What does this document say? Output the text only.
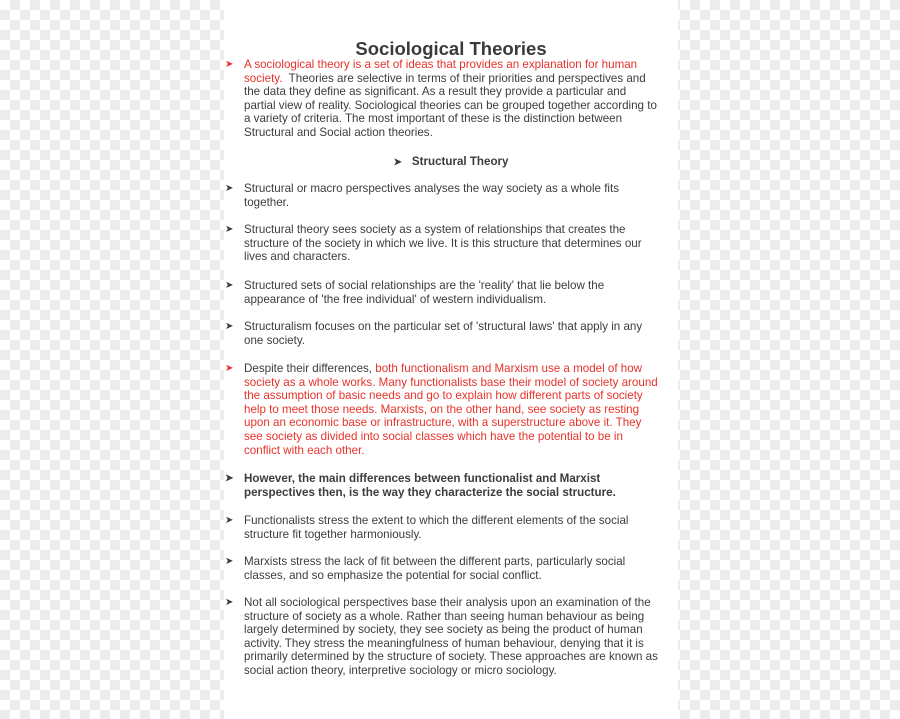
Sociological Theories
➤ A sociological theory is a set of ideas that provides an explanation for human
society.  Theories are selective in terms of their priorities and perspectives and
the data they define as significant. As a result they provide a particular and
partial view of reality. Sociological theories can be grouped together according to
a variety of criteria. The most important of these is the distinction between
Structural and Social action theories.
➤ Structural Theory
➤ Structural or macro perspectives analyses the way society as a whole fits
together.
➤ Structural theory sees society as a system of relationships that creates the
structure of the society in which we live. It is this structure that determines our
lives and characters.
➤ Structured sets of social relationships are the 'reality' that lie below the
appearance of 'the free individual' of western individualism.
➤ Structuralism focuses on the particular set of 'structural laws' that apply in any
one society.
➤ Despite their differences, both functionalism and Marxism use a model of how
society as a whole works. Many functionalists base their model of society around
the assumption of basic needs and go to explain how different parts of society
help to meet those needs. Marxists, on the other hand, see society as resting
upon an economic base or infrastructure, with a superstructure above it. They
see society as divided into social classes which have the potential to be in
conflict with each other.
➤ However, the main differences between functionalist and Marxist
perspectives then, is the way they characterize the social structure.
➤ Functionalists stress the extent to which the different elements of the social
structure fit together harmoniously.
➤ Marxists stress the lack of fit between the different parts, particularly social
classes, and so emphasize the potential for social conflict.
➤ Not all sociological perspectives base their analysis upon an examination of the
structure of society as a whole. Rather than seeing human behaviour as being
largely determined by society, they see society as being the product of human
activity. They stress the meaningfulness of human behaviour, denying that it is
primarily determined by the structure of society. These approaches are known as
social action theory, interpretive sociology or micro sociology.
